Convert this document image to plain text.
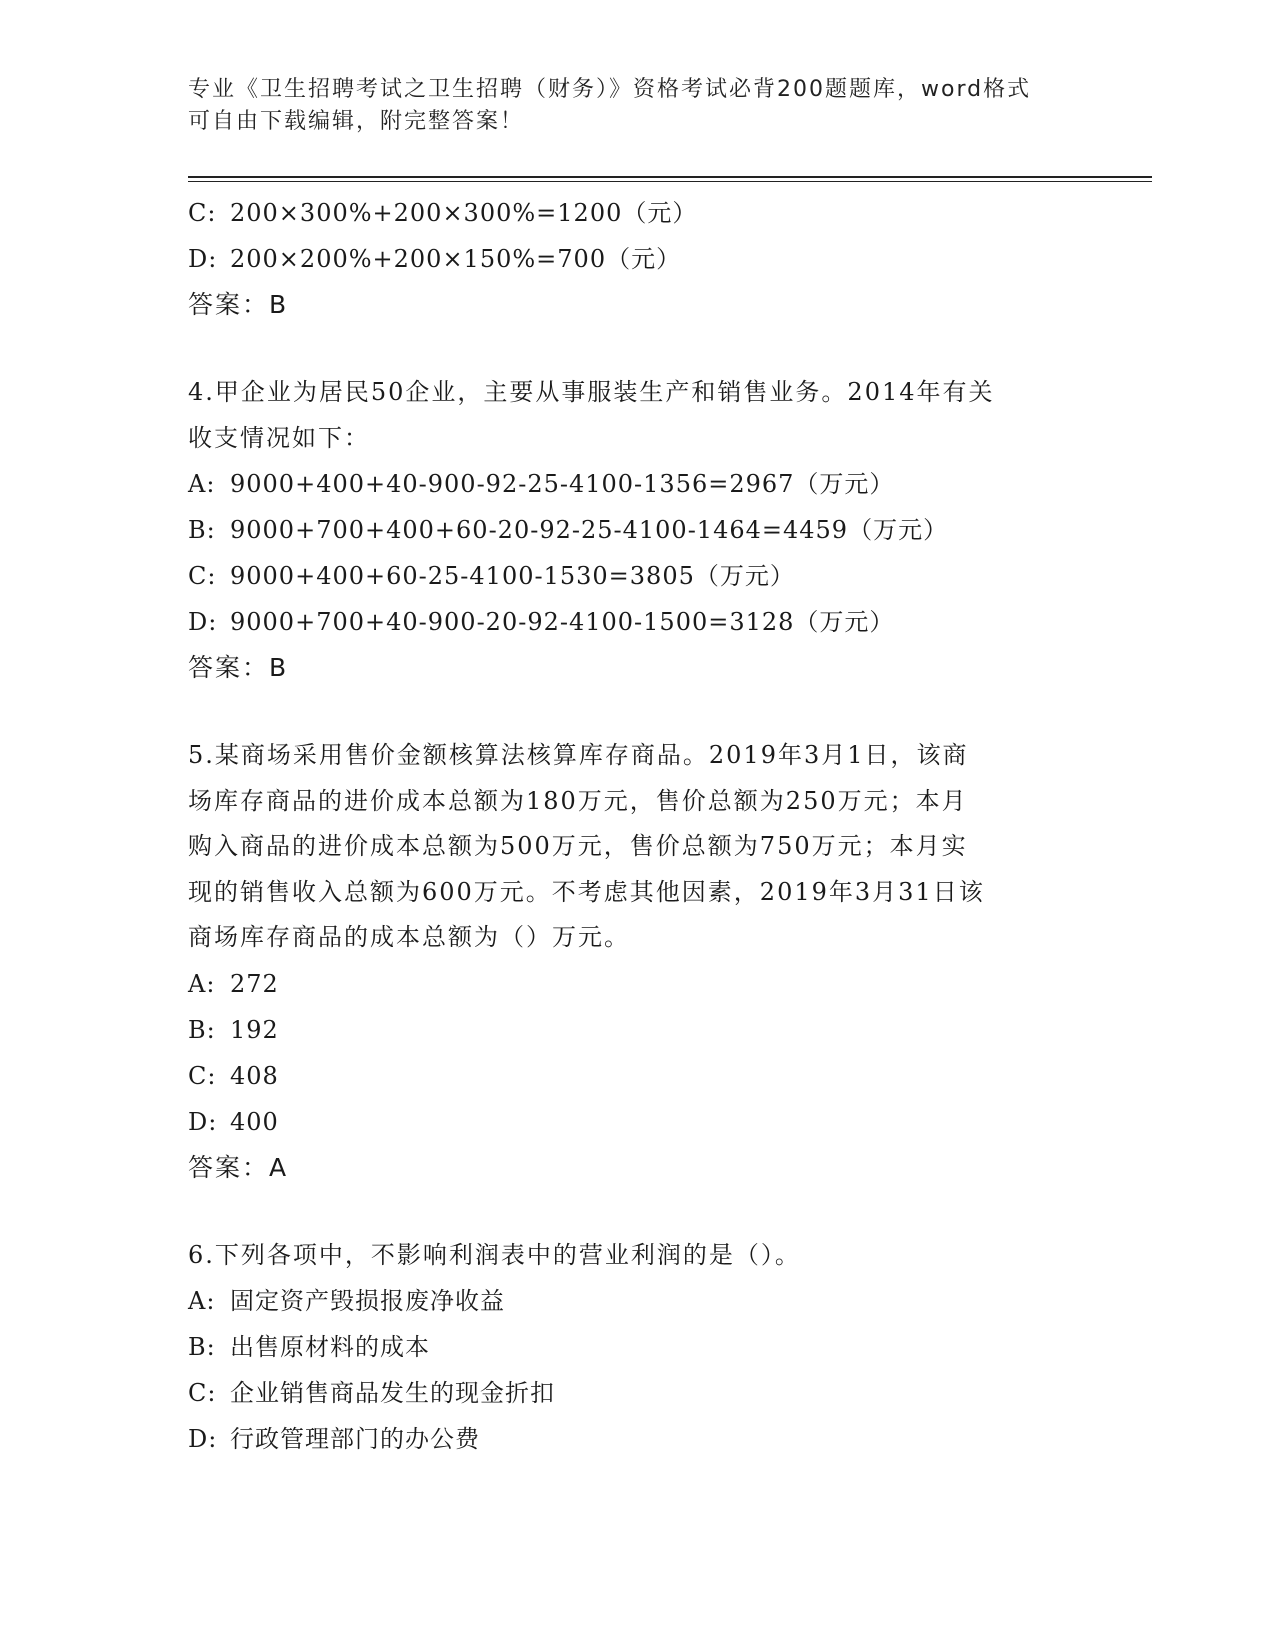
专业《卫生招聘考试之卫生招聘（财务）》资格考试必背200题题库，word格式
可自由下载编辑，附完整答案！
C: 200×300%+200×300%=1200（元）
D: 200×200%+200×150%=700（元）
答案：B
4.甲企业为居民50企业，主要从事服装生产和销售业务。2014年有关
收支情况如下：
A: 9000+400+40-900-92-25-4100-1356=2967（万元）
B: 9000+700+400+60-20-92-25-4100-1464=4459（万元）
C: 9000+400+60-25-4100-1530=3805（万元）
D: 9000+700+40-900-20-92-4100-1500=3128（万元）
答案：B
5.某商场采用售价金额核算法核算库存商品。2019年3月1日，该商
场库存商品的进价成本总额为180万元，售价总额为250万元；本月
购入商品的进价成本总额为500万元，售价总额为750万元；本月实
现的销售收入总额为600万元。不考虑其他因素，2019年3月31日该
商场库存商品的成本总额为（）万元。
A: 272
B: 192
C: 408
D: 400
答案：A
6.下列各项中，不影响利润表中的营业利润的是（）。
A: 固定资产毁损报废净收益
B: 出售原材料的成本
C: 企业销售商品发生的现金折扣
D: 行政管理部门的办公费
